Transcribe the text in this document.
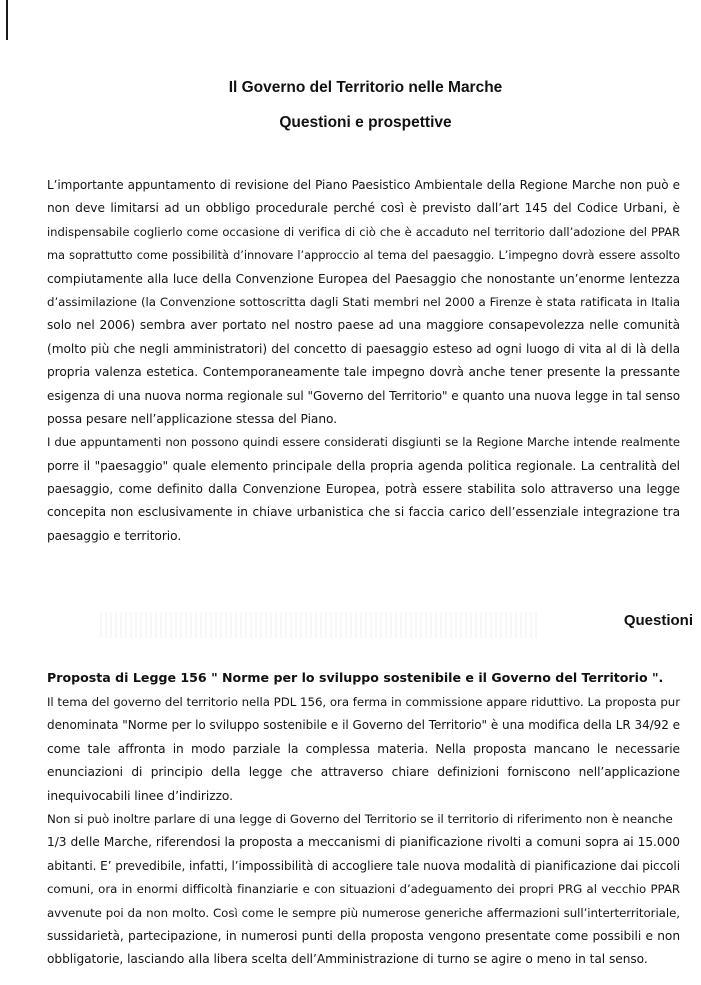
Il Governo del Territorio nelle Marche
Questioni e prospettive
L’importante appuntamento di revisione del Piano Paesistico Ambientale della Regione Marche non può e
non deve limitarsi ad un obbligo procedurale perché così è previsto dall’art 145 del Codice Urbani, è
indispensabile coglierlo come occasione di verifica di ciò che è accaduto nel territorio dall’adozione del PPAR
ma soprattutto come possibilità d’innovare l’approccio al tema del paesaggio. L’impegno dovrà essere assolto
compiutamente alla luce della Convenzione Europea del Paesaggio che nonostante un’enorme lentezza
d’assimilazione (la Convenzione sottoscritta dagli Stati membri nel 2000 a Firenze è stata ratificata in Italia
solo nel 2006) sembra aver portato nel nostro paese ad una maggiore consapevolezza nelle comunità
(molto più che negli amministratori) del concetto di paesaggio esteso ad ogni luogo di vita al di là della
propria valenza estetica. Contemporaneamente tale impegno dovrà anche tener presente la pressante
esigenza di una nuova norma regionale sul "Governo del Territorio" e quanto una nuova legge in tal senso
possa pesare nell’applicazione stessa del Piano.
I due appuntamenti non possono quindi essere considerati disgiunti se la Regione Marche intende realmente
porre il "paesaggio" quale elemento principale della propria agenda politica regionale. La centralità del
paesaggio, come definito dalla Convenzione Europea, potrà essere stabilita solo attraverso una legge
concepita non esclusivamente in chiave urbanistica che si faccia carico dell’essenziale integrazione tra
paesaggio e territorio.
Questioni
Proposta di Legge 156 " Norme per lo sviluppo sostenibile e il Governo del Territorio ".
Il tema del governo del territorio nella PDL 156, ora ferma in commissione appare riduttivo. La proposta pur
denominata "Norme per lo sviluppo sostenibile e il Governo del Territorio" è una modifica della LR 34/92 e
come tale affronta in modo parziale la complessa materia. Nella proposta mancano le necessarie
enunciazioni di principio della legge che attraverso chiare definizioni forniscono nell’applicazione
inequivocabili linee d’indirizzo.
Non si può inoltre parlare di una legge di Governo del Territorio se il territorio di riferimento non è neanche
1/3 delle Marche, riferendosi la proposta a meccanismi di pianificazione rivolti a comuni sopra ai 15.000
abitanti. E’ prevedibile, infatti, l’impossibilità di accogliere tale nuova modalità di pianificazione dai piccoli
comuni, ora in enormi difficoltà finanziarie e con situazioni d’adeguamento dei propri PRG al vecchio PPAR
avvenute poi da non molto. Così come le sempre più numerose generiche affermazioni sull’interterritoriale,
sussidarietà, partecipazione, in numerosi punti della proposta vengono presentate come possibili e non
obbligatorie, lasciando alla libera scelta dell’Amministrazione di turno se agire o meno in tal senso.
